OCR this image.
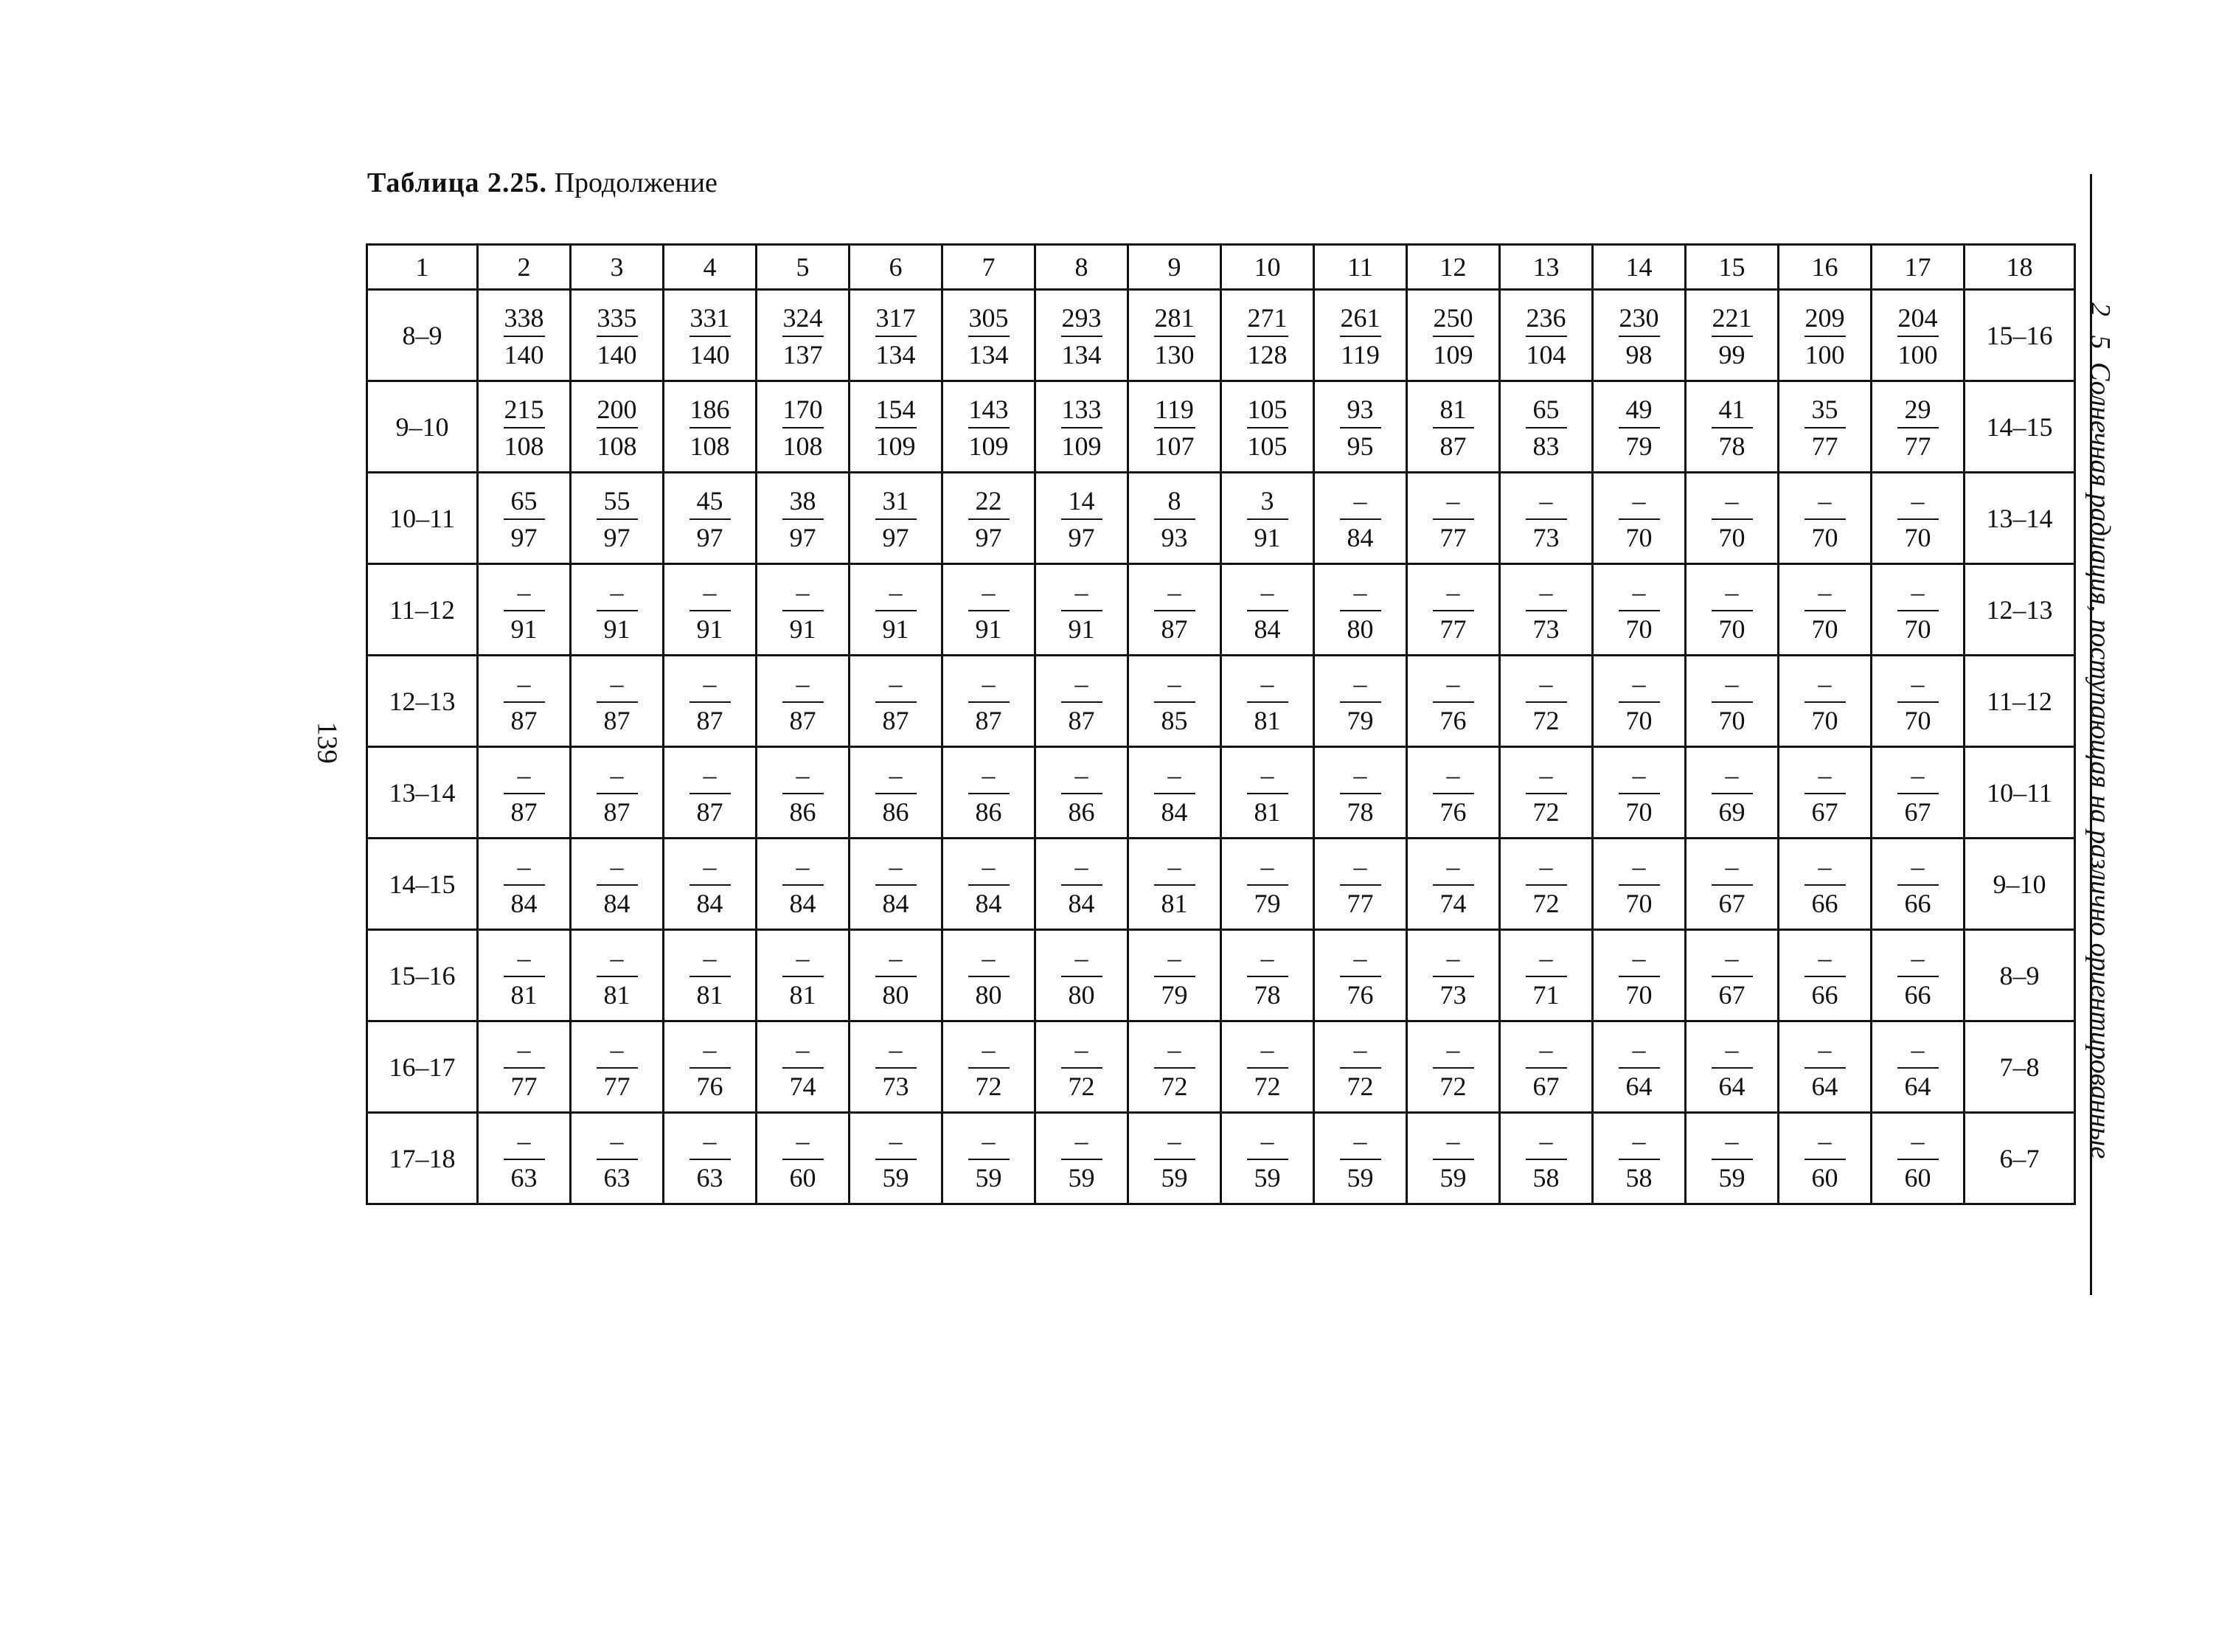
Таблица 2.25. Продолжение
139
2 5 Солнечная радиация, поступающая на различно ориентированные
1	2	3	4	5	6	7	8	9	10	11	12	13	14	15	16	17	18
8–9	$\frac{338}{140}$	$\frac{335}{140}$	$\frac{331}{140}$	$\frac{324}{137}$	$\frac{317}{134}$	$\frac{305}{134}$	$\frac{293}{134}$	$\frac{281}{130}$	$\frac{271}{128}$	$\frac{261}{119}$	$\frac{250}{109}$	$\frac{236}{104}$	$\frac{230}{98}$	$\frac{221}{99}$	$\frac{209}{100}$	$\frac{204}{100}$	15–16
9–10	$\frac{215}{108}$	$\frac{200}{108}$	$\frac{186}{108}$	$\frac{170}{108}$	$\frac{154}{109}$	$\frac{143}{109}$	$\frac{133}{109}$	$\frac{119}{107}$	$\frac{105}{105}$	$\frac{93}{95}$	$\frac{81}{87}$	$\frac{65}{83}$	$\frac{49}{79}$	$\frac{41}{78}$	$\frac{35}{77}$	$\frac{29}{77}$	14–15
10–11	$\frac{65}{97}$	$\frac{55}{97}$	$\frac{45}{97}$	$\frac{38}{97}$	$\frac{31}{97}$	$\frac{22}{97}$	$\frac{14}{97}$	$\frac{8}{93}$	$\frac{3}{91}$	$\frac{-}{84}$	$\frac{-}{77}$	$\frac{-}{73}$	$\frac{-}{70}$	$\frac{-}{70}$	$\frac{-}{70}$	$\frac{-}{70}$	13–14
11–12	$\frac{-}{91}$	$\frac{-}{91}$	$\frac{-}{91}$	$\frac{-}{91}$	$\frac{-}{91}$	$\frac{-}{91}$	$\frac{-}{91}$	$\frac{-}{87}$	$\frac{-}{84}$	$\frac{-}{80}$	$\frac{-}{77}$	$\frac{-}{73}$	$\frac{-}{70}$	$\frac{-}{70}$	$\frac{-}{70}$	$\frac{-}{70}$	12–13
12–13	$\frac{-}{87}$	$\frac{-}{87}$	$\frac{-}{87}$	$\frac{-}{87}$	$\frac{-}{87}$	$\frac{-}{87}$	$\frac{-}{87}$	$\frac{-}{85}$	$\frac{-}{81}$	$\frac{-}{79}$	$\frac{-}{76}$	$\frac{-}{72}$	$\frac{-}{70}$	$\frac{-}{70}$	$\frac{-}{70}$	$\frac{-}{70}$	11–12
13–14	$\frac{-}{87}$	$\frac{-}{87}$	$\frac{-}{87}$	$\frac{-}{86}$	$\frac{-}{86}$	$\frac{-}{86}$	$\frac{-}{86}$	$\frac{-}{84}$	$\frac{-}{81}$	$\frac{-}{78}$	$\frac{-}{76}$	$\frac{-}{72}$	$\frac{-}{70}$	$\frac{-}{69}$	$\frac{-}{67}$	$\frac{-}{67}$	10–11
14–15	$\frac{-}{84}$	$\frac{-}{84}$	$\frac{-}{84}$	$\frac{-}{84}$	$\frac{-}{84}$	$\frac{-}{84}$	$\frac{-}{84}$	$\frac{-}{81}$	$\frac{-}{79}$	$\frac{-}{77}$	$\frac{-}{74}$	$\frac{-}{72}$	$\frac{-}{70}$	$\frac{-}{67}$	$\frac{-}{66}$	$\frac{-}{66}$	9–10
15–16	$\frac{-}{81}$	$\frac{-}{81}$	$\frac{-}{81}$	$\frac{-}{81}$	$\frac{-}{80}$	$\frac{-}{80}$	$\frac{-}{80}$	$\frac{-}{79}$	$\frac{-}{78}$	$\frac{-}{76}$	$\frac{-}{73}$	$\frac{-}{71}$	$\frac{-}{70}$	$\frac{-}{67}$	$\frac{-}{66}$	$\frac{-}{66}$	8–9
16–17	$\frac{-}{77}$	$\frac{-}{77}$	$\frac{-}{76}$	$\frac{-}{74}$	$\frac{-}{73}$	$\frac{-}{72}$	$\frac{-}{72}$	$\frac{-}{72}$	$\frac{-}{72}$	$\frac{-}{72}$	$\frac{-}{72}$	$\frac{-}{67}$	$\frac{-}{64}$	$\frac{-}{64}$	$\frac{-}{64}$	$\frac{-}{64}$	7–8
17–18	$\frac{-}{63}$	$\frac{-}{63}$	$\frac{-}{63}$	$\frac{-}{60}$	$\frac{-}{59}$	$\frac{-}{59}$	$\frac{-}{59}$	$\frac{-}{59}$	$\frac{-}{59}$	$\frac{-}{59}$	$\frac{-}{59}$	$\frac{-}{58}$	$\frac{-}{58}$	$\frac{-}{59}$	$\frac{-}{60}$	$\frac{-}{60}$	6–7
